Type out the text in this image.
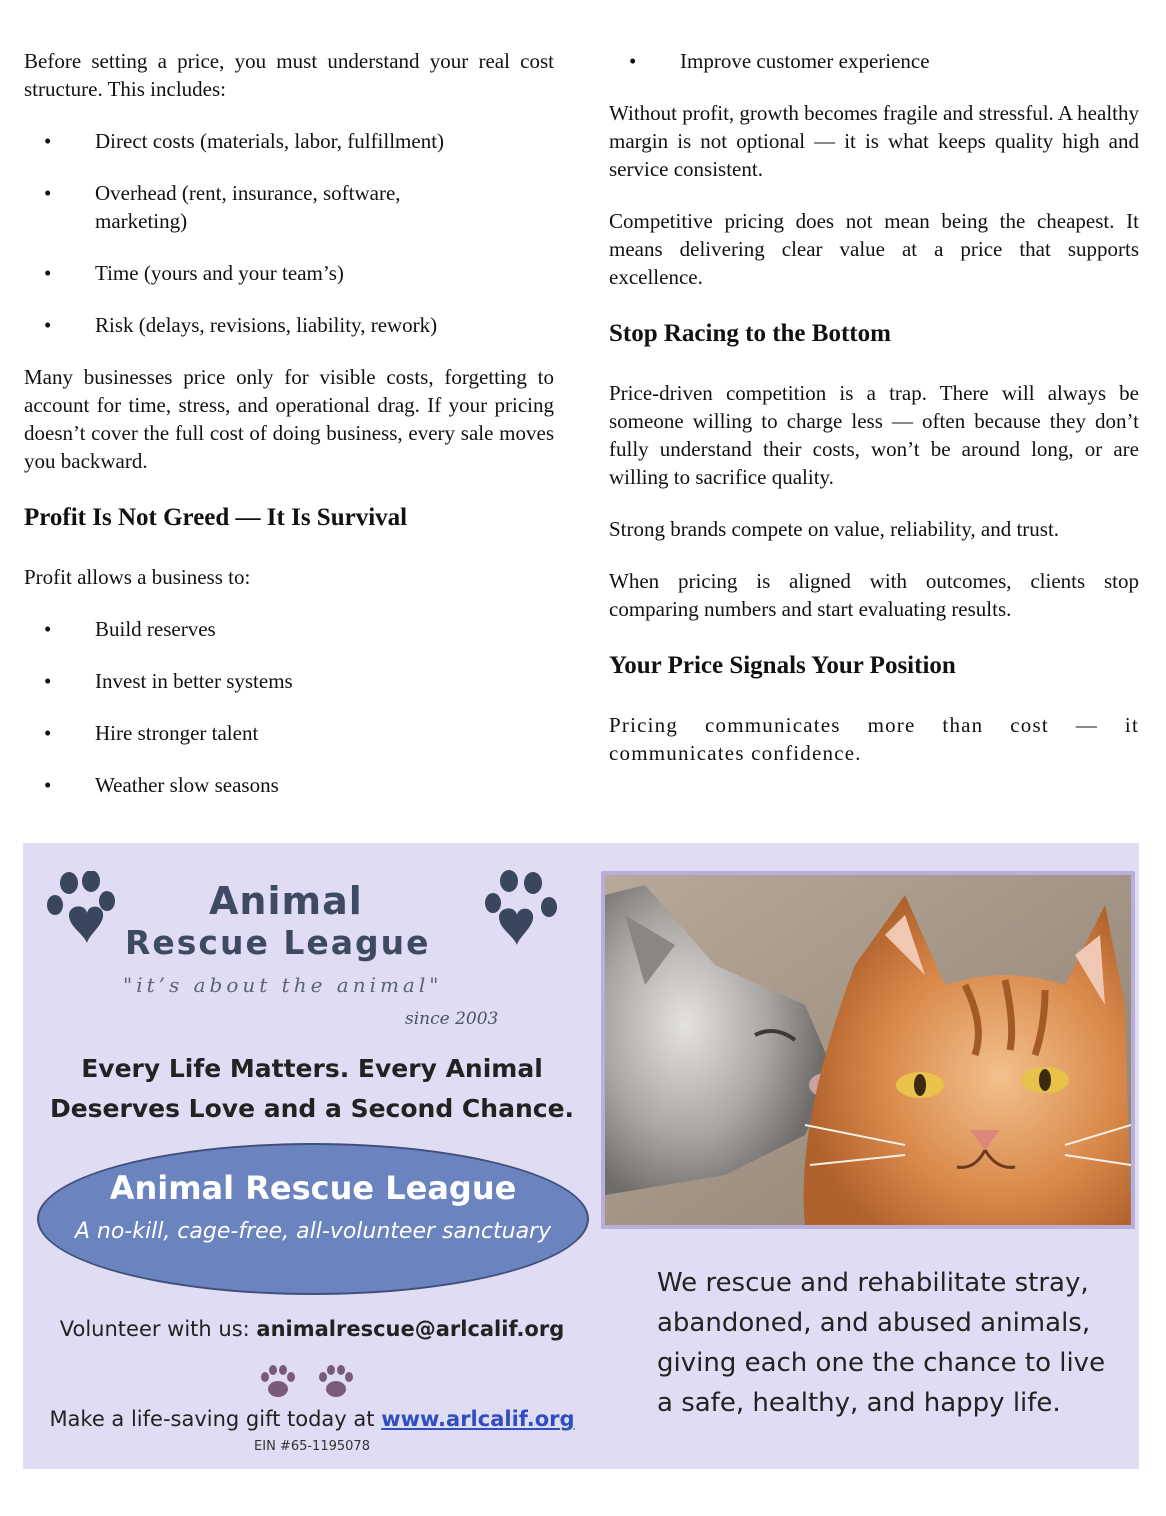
Before setting a price, you must understand your real cost structure. This includes:

• Direct costs (materials, labor, fulfillment)
• Overhead (rent, insurance, software, marketing)
• Time (yours and your team’s)
• Risk (delays, revisions, liability, rework)

Many businesses price only for visible costs, forgetting to account for time, stress, and operational drag. If your pricing doesn’t cover the full cost of doing business, every sale moves you backward.

Profit Is Not Greed — It Is Survival

Profit allows a business to:

• Build reserves
• Invest in better systems
• Hire stronger talent
• Weather slow seasons
• Improve customer experience

Without profit, growth becomes fragile and stressful. A healthy margin is not optional — it is what keeps quality high and service consistent.

Competitive pricing does not mean being the cheapest. It means delivering clear value at a price that supports excellence.

Stop Racing to the Bottom

Price-driven competition is a trap. There will always be someone willing to charge less — often because they don’t fully understand their costs, won’t be around long, or are willing to sacrifice quality.

Strong brands compete on value, reliability, and trust.

When pricing is aligned with outcomes, clients stop comparing numbers and start evaluating results.

Your Price Signals Your Position

Pricing communicates more than cost — it communicates confidence.

Animal
Rescue League
"it’s about the animal"
since 2003
Every Life Matters. Every Animal
Deserves Love and a Second Chance.
Animal Rescue League
A no-kill, cage-free, all-volunteer sanctuary
Volunteer with us: animalrescue@arlcalif.org
Make a life-saving gift today at www.arlcalif.org
EIN #65-1195078
We rescue and rehabilitate stray,
abandoned, and abused animals,
giving each one the chance to live
a safe, healthy, and happy life.
